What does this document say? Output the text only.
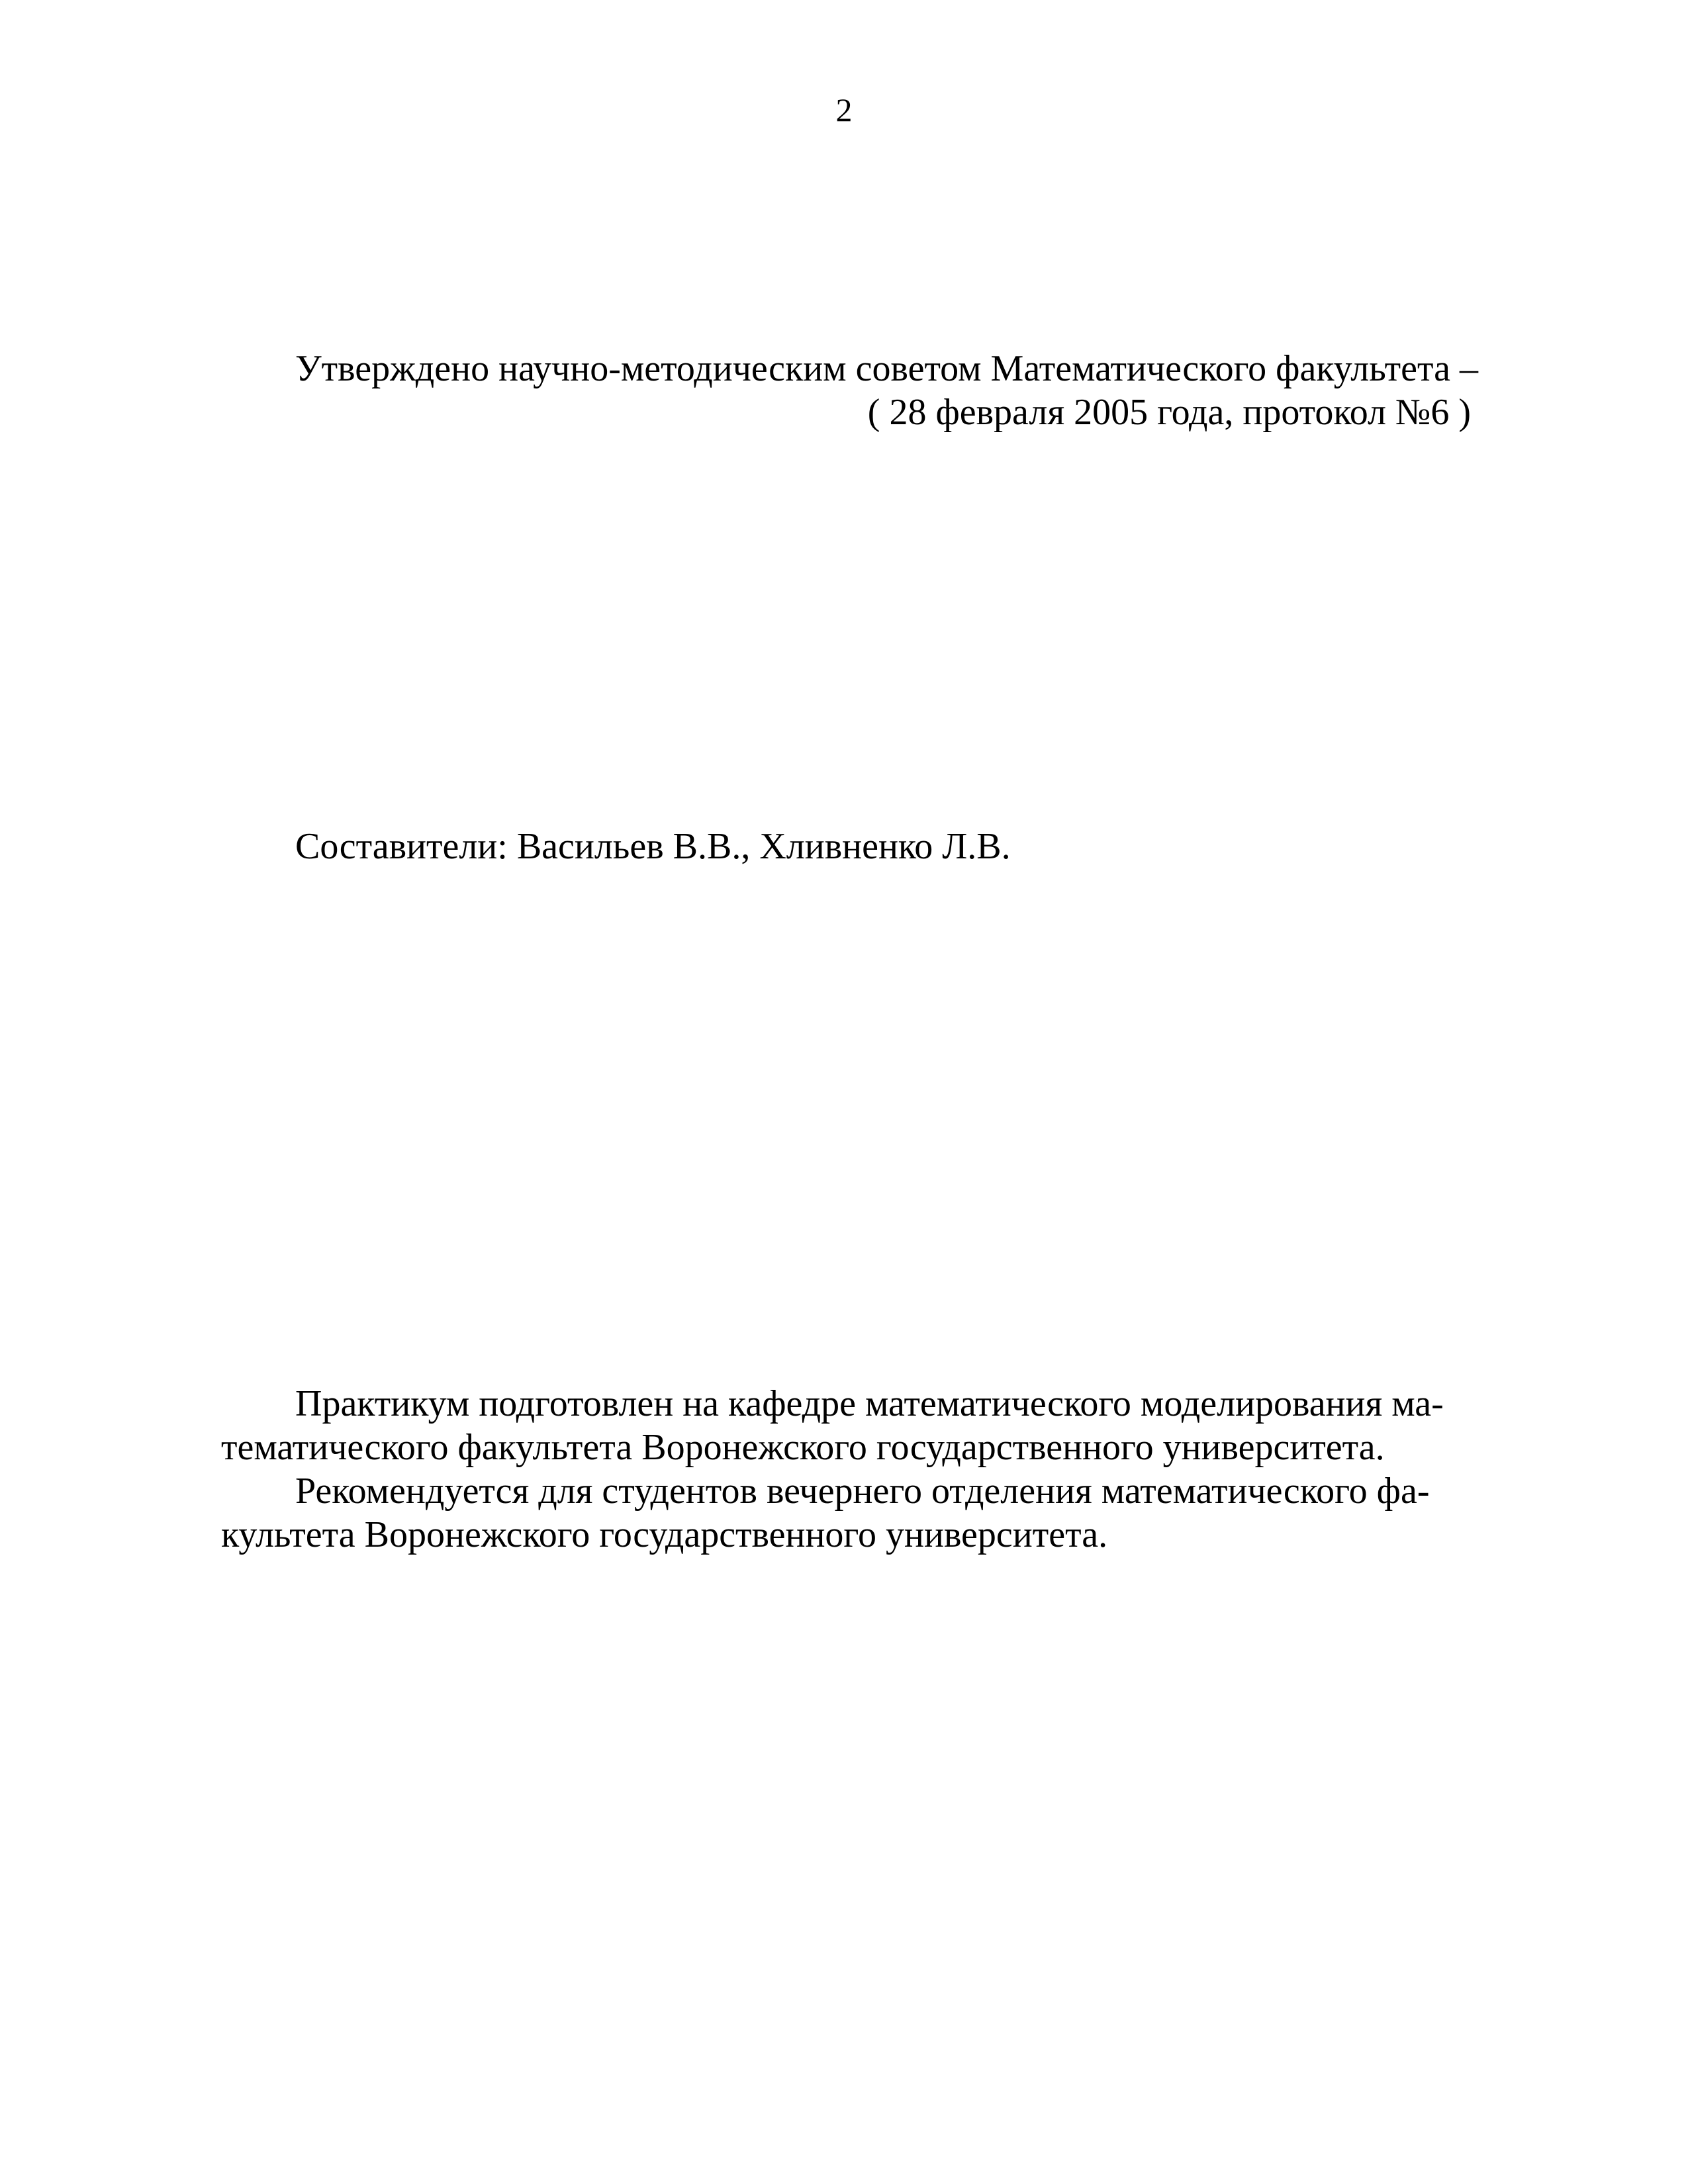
2
Утверждено научно-методическим советом Математического факультета –
( 28 февраля 2005 года, протокол №6 )
Составители: Васильев В.В., Хливненко Л.В.
Практикум подготовлен на кафедре математического моделирования ма-
тематического факультета Воронежского государственного университета.
Рекомендуется для студентов вечернего отделения математического фа-
культета Воронежского государственного университета.
